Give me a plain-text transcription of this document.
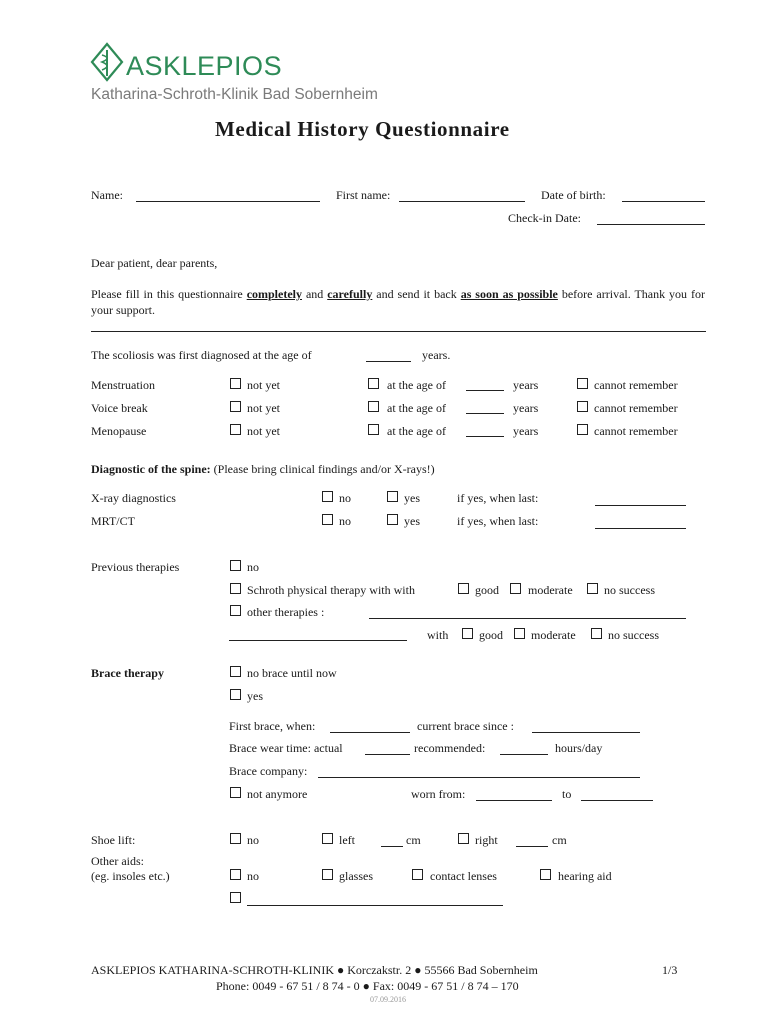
ASKLEPIOS
Katharina-Schroth-Klinik Bad Sobernheim
Medical History Questionnaire
Name:	First name:	Date of birth:
Check-in Date:
Dear patient, dear parents,
Please fill in this questionnaire completely and carefully and send it back as soon as possible before arrival. Thank you for your support.
The scoliosis was first diagnosed at the age of	years.
Menstruation	not yet	at the age of	years	cannot remember
Voice break	not yet	at the age of	years	cannot remember
Menopause	not yet	at the age of	years	cannot remember
Diagnostic of the spine: (Please bring clinical findings and/or X-rays!)
X-ray diagnostics	no	yes	if yes, when last:
MRT/CT	no	yes	if yes, when last:
Previous therapies	no
Schroth physical therapy with with	good moderate	no success
other therapies :
with	good moderate	no success
Brace therapy	no brace until now
yes
First brace, when:	current brace since :
Brace wear time: actual	recommended:	hours/day
Brace company:
not anymore	worn from:	to
Shoe lift:	no	left	cm	right	cm
Other aids:
(eg. insoles etc.)	no	glasses	contact lenses	hearing aid
ASKLEPIOS KATHARINA-SCHROTH-KLINIK ● Korczakstr. 2 ● 55566 Bad Sobernheim	1/3
Phone: 0049 - 67 51 / 8 74 - 0 ● Fax: 0049 - 67 51 / 8 74 – 170
07.09.2016
